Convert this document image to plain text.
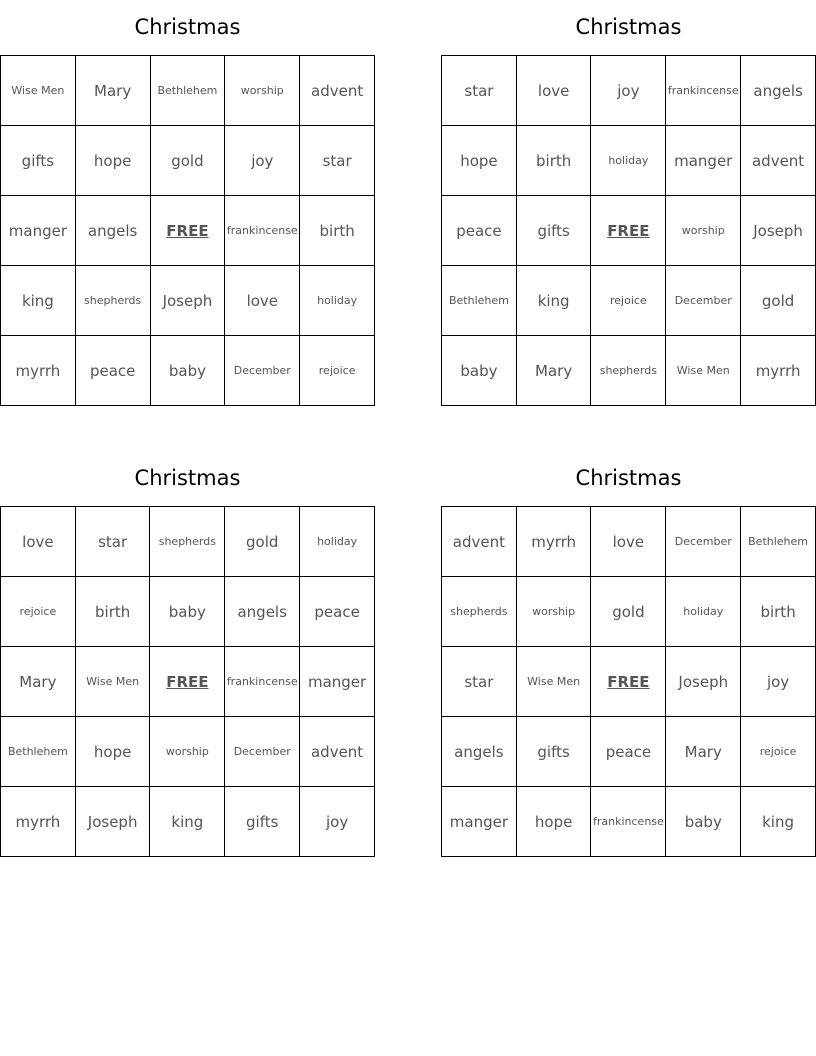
Christmas
Wise Men	Mary	Bethlehem	worship	advent
gifts	hope	gold	joy	star
manger	angels	FREE	frankincense	birth
king	shepherds	Joseph	love	holiday
myrrh	peace	baby	December	rejoice
Christmas
star	love	joy	frankincense	angels
hope	birth	holiday	manger	advent
peace	gifts	FREE	worship	Joseph
Bethlehem	king	rejoice	December	gold
baby	Mary	shepherds	Wise Men	myrrh
Christmas
love	star	shepherds	gold	holiday
rejoice	birth	baby	angels	peace
Mary	Wise Men	FREE	frankincense	manger
Bethlehem	hope	worship	December	advent
myrrh	Joseph	king	gifts	joy
Christmas
advent	myrrh	love	December	Bethlehem
shepherds	worship	gold	holiday	birth
star	Wise Men	FREE	Joseph	joy
angels	gifts	peace	Mary	rejoice
manger	hope	frankincense	baby	king
